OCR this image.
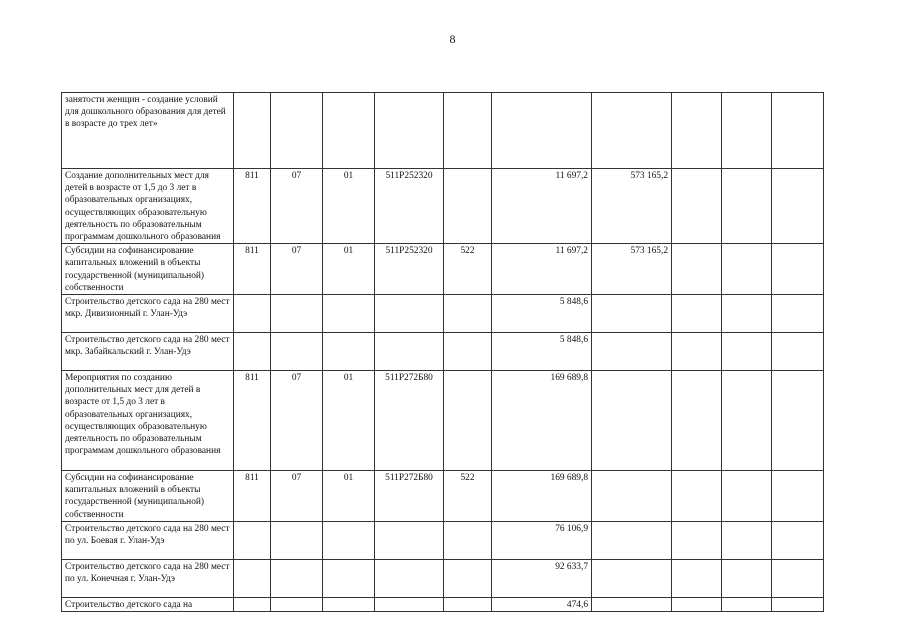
8
занятости женщин - создание условий для дошкольного образования для детей в возрасте до трех лет»										
Создание дополнительных мест для детей в возрасте от 1,5 до 3 лет в образовательных организациях, осуществляющих образовательную деятельность по образовательным программам дошкольного образования	811	07	01	511P252320		11 697,2	573 165,2			
Субсидии на софинансирование капитальных вложений в объекты государственной (муниципальной) собственности	811	07	01	511P252320	522	11 697,2	573 165,2			
Строительство детского сада на 280 мест мкр. Дивизионный г. Улан-Удэ						5 848,6				
Строительство детского сада на 280 мест мкр. Забайкальский г. Улан-Удэ						5 848,6				
Мероприятия по созданию дополнительных мест для детей в возрасте от 1,5 до 3 лет в образовательных организациях, осуществляющих образовательную деятельность по образовательным программам дошкольного образования	811	07	01	511P272Б80		169 689,8				
Субсидии на софинансирование капитальных вложений в объекты государственной (муниципальной) собственности	811	07	01	511P272Б80	522	169 689,8				
Строительство детского сада на 280 мест по ул. Боевая г. Улан-Удэ						76 106,9				
Строительство детского сада на 280 мест по ул. Конечная г. Улан-Удэ						92 633,7				
Строительство детского сада на						474,6				
